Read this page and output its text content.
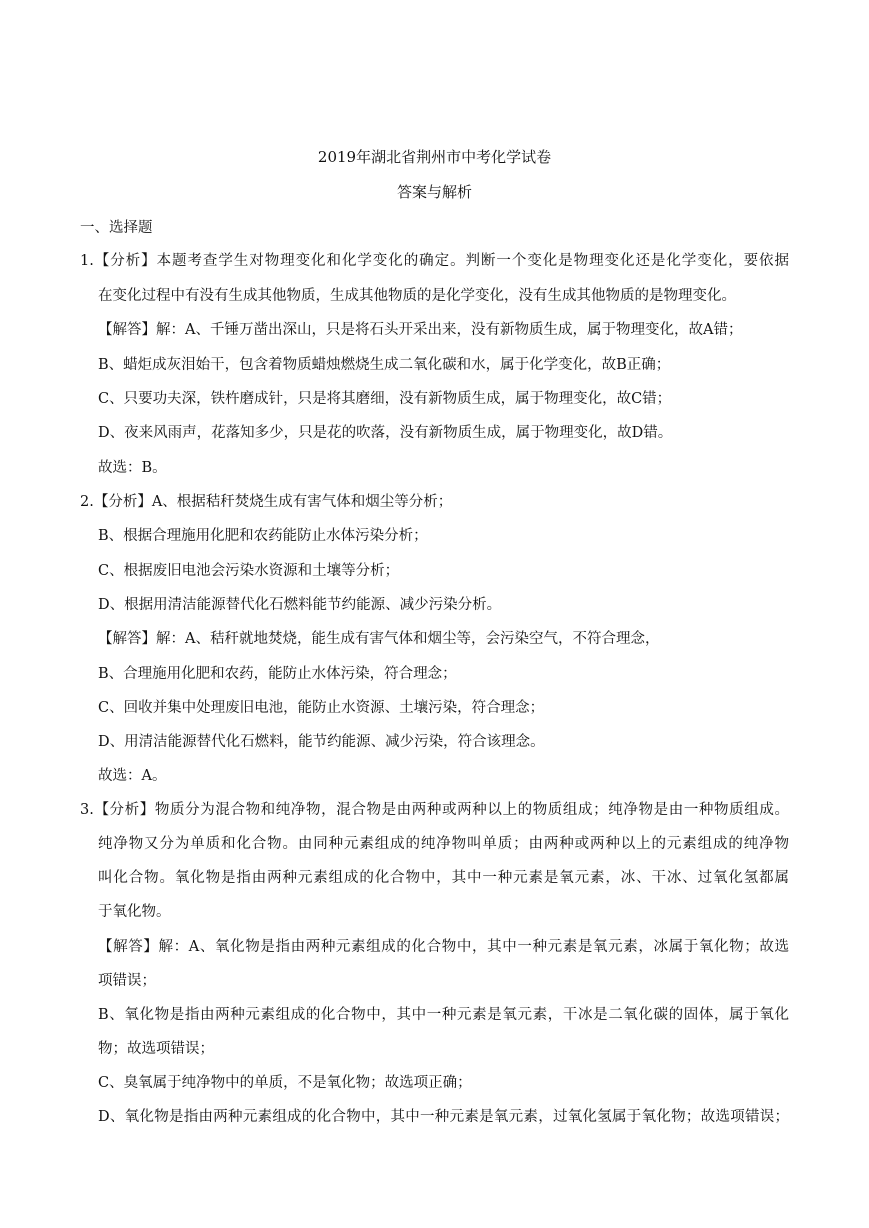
2019年湖北省荆州市中考化学试卷
答案与解析
一、选择题
1.【分析】本题考查学生对物理变化和化学变化的确定。判断一个变化是物理变化还是化学变化，要依据
在变化过程中有没有生成其他物质，生成其他物质的是化学变化，没有生成其他物质的是物理变化。
【解答】解：A、千锤万凿出深山，只是将石头开采出来，没有新物质生成，属于物理变化，故A错；
B、蜡炬成灰泪始干，包含着物质蜡烛燃烧生成二氧化碳和水，属于化学变化，故B正确；
C、只要功夫深，铁杵磨成针，只是将其磨细，没有新物质生成，属于物理变化，故C错；
D、夜来风雨声，花落知多少，只是花的吹落，没有新物质生成，属于物理变化，故D错。
故选：B。
2.【分析】A、根据秸秆焚烧生成有害气体和烟尘等分析；
B、根据合理施用化肥和农药能防止水体污染分析；
C、根据废旧电池会污染水资源和土壤等分析；
D、根据用清洁能源替代化石燃料能节约能源、减少污染分析。
【解答】解：A、秸秆就地焚烧，能生成有害气体和烟尘等，会污染空气，不符合理念，
B、合理施用化肥和农药，能防止水体污染，符合理念；
C、回收并集中处理废旧电池，能防止水资源、土壤污染，符合理念；
D、用清洁能源替代化石燃料，能节约能源、减少污染，符合该理念。
故选：A。
3.【分析】物质分为混合物和纯净物，混合物是由两种或两种以上的物质组成；纯净物是由一种物质组成。
纯净物又分为单质和化合物。由同种元素组成的纯净物叫单质；由两种或两种以上的元素组成的纯净物
叫化合物。氧化物是指由两种元素组成的化合物中，其中一种元素是氧元素，冰、干冰、过氧化氢都属
于氧化物。
【解答】解：A、氧化物是指由两种元素组成的化合物中，其中一种元素是氧元素，冰属于氧化物；故选
项错误；
B、氧化物是指由两种元素组成的化合物中，其中一种元素是氧元素，干冰是二氧化碳的固体，属于氧化
物；故选项错误；
C、臭氧属于纯净物中的单质，不是氧化物；故选项正确；
D、氧化物是指由两种元素组成的化合物中，其中一种元素是氧元素，过氧化氢属于氧化物；故选项错误；
